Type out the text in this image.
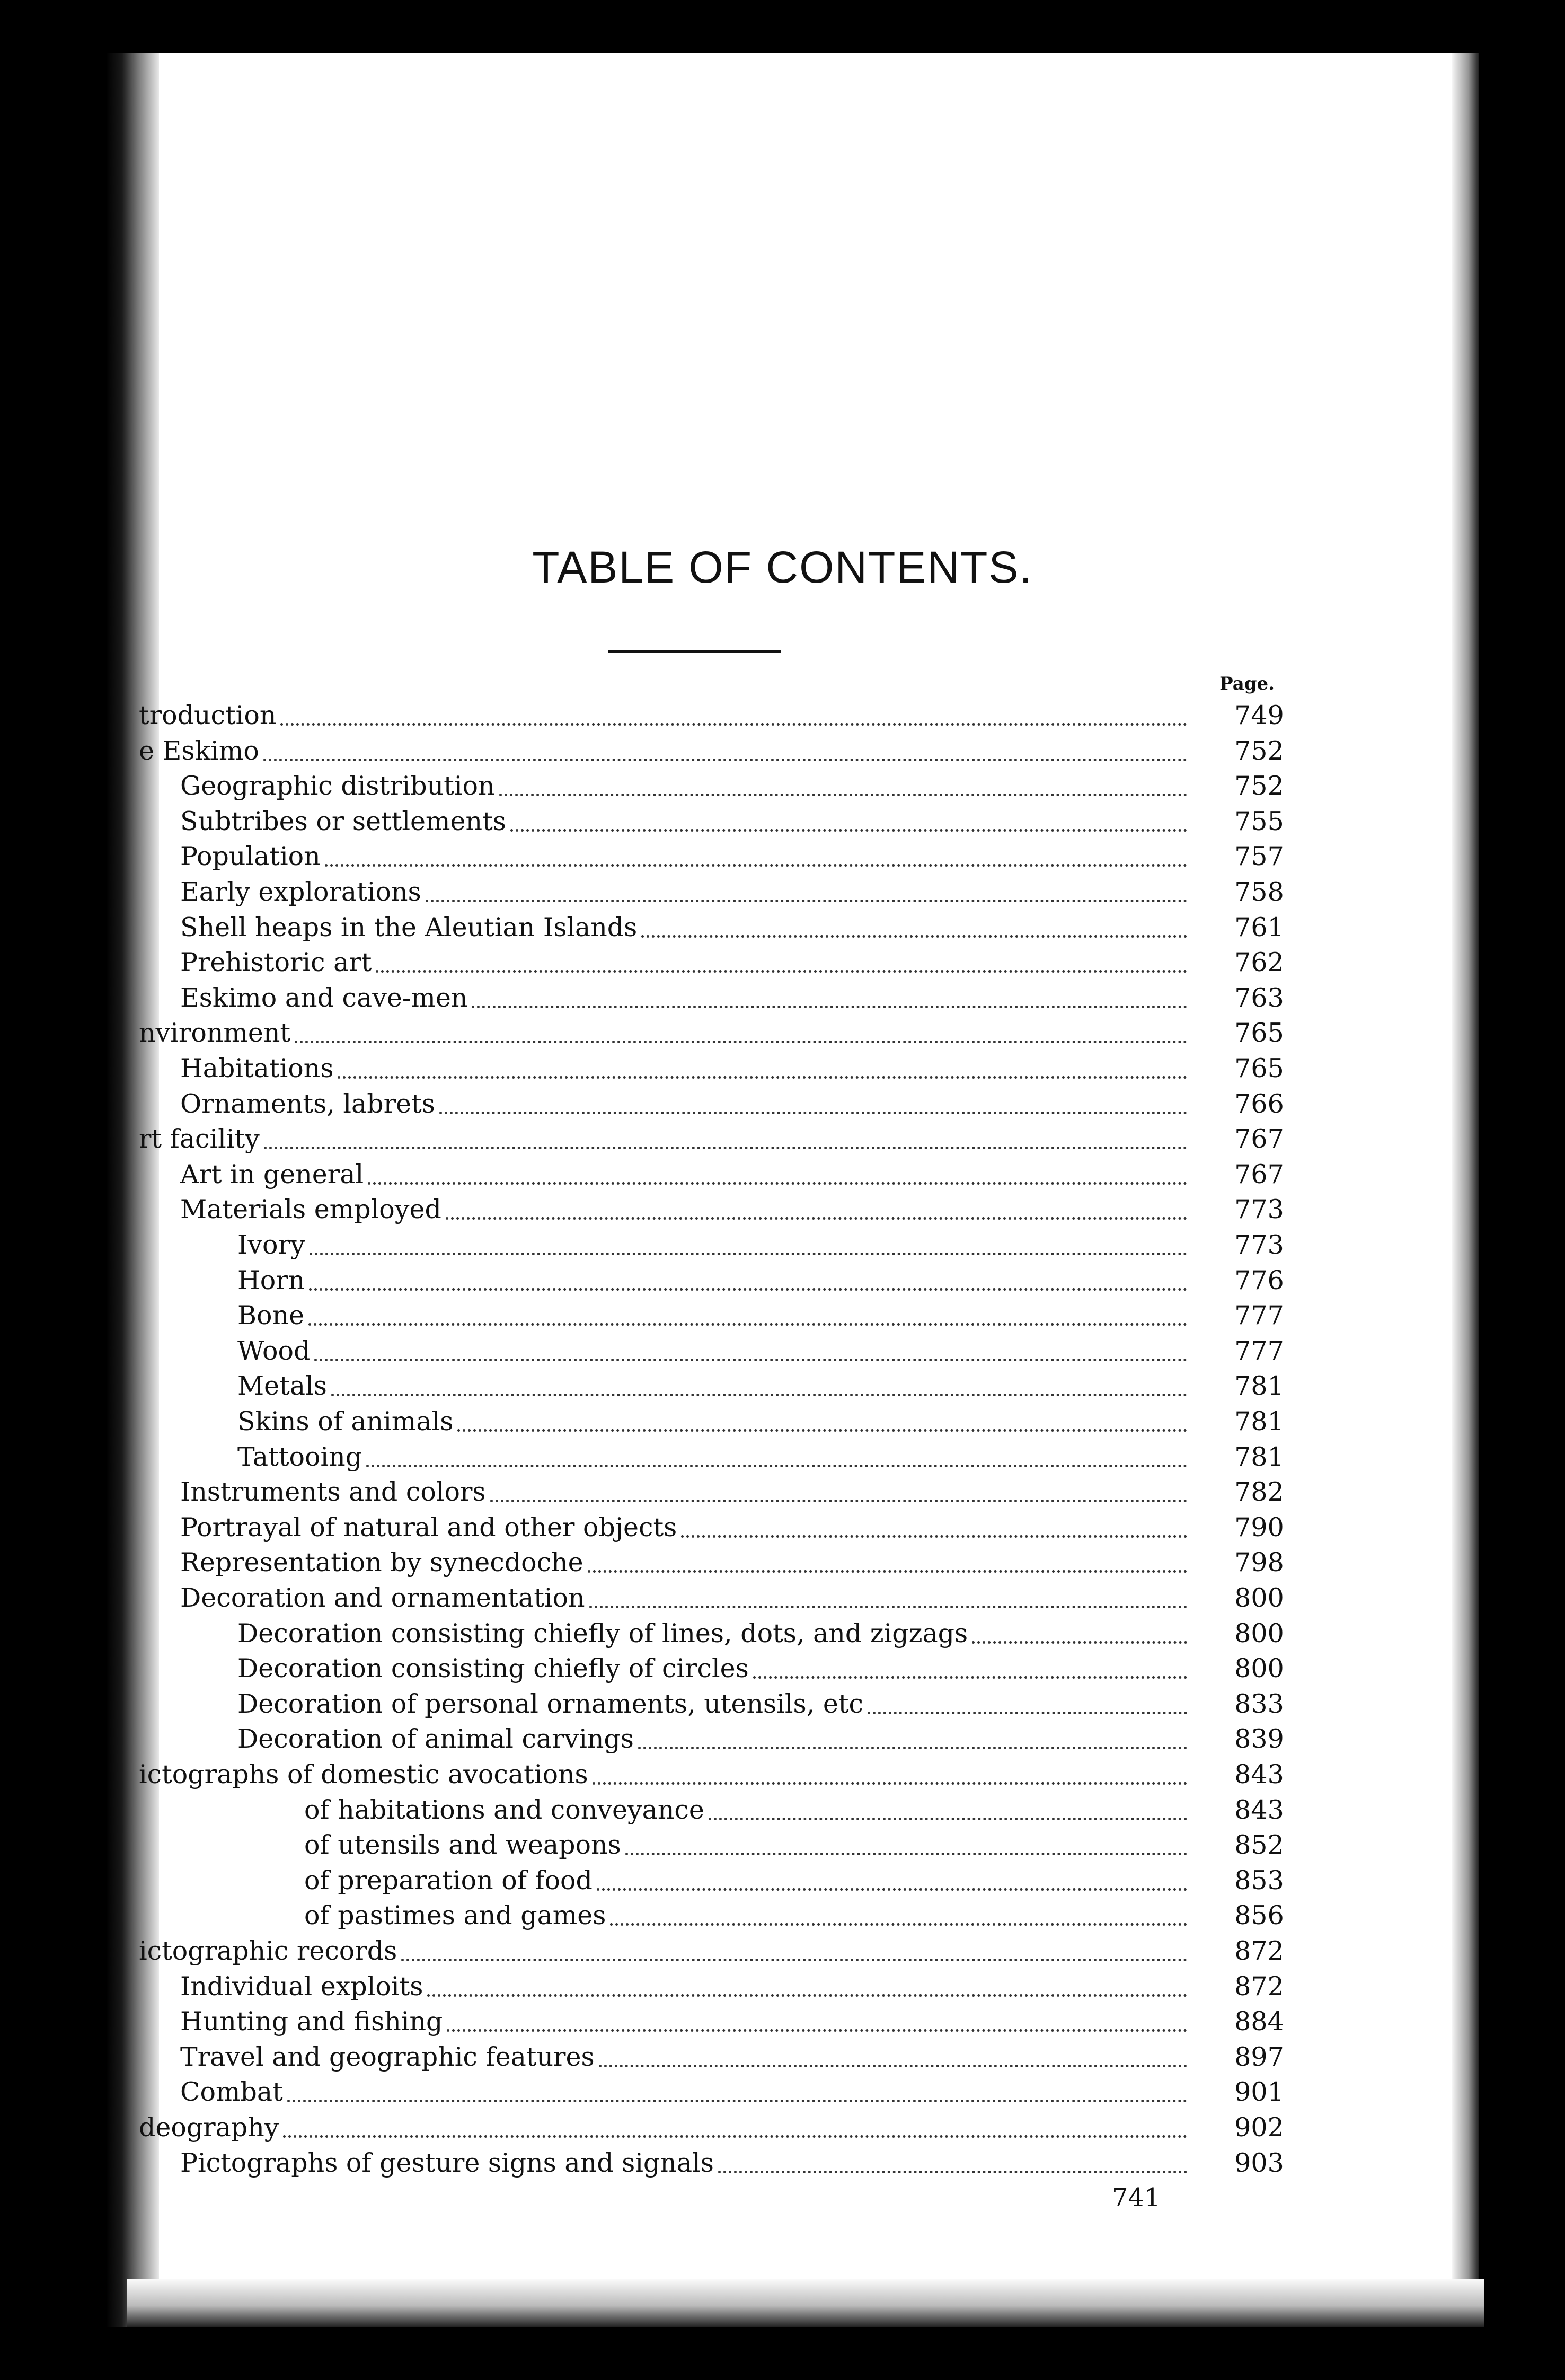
TABLE OF CONTENTS.
Page.
troduction	749
e Eskimo	752
Geographic distribution	752
Subtribes or settlements	755
Population	757
Early explorations	758
Shell heaps in the Aleutian Islands	761
Prehistoric art	762
Eskimo and cave-men	763
nvironment	765
Habitations	765
Ornaments, labrets	766
rt facility	767
Art in general	767
Materials employed	773
Ivory	773
Horn	776
Bone	777
Wood	777
Metals	781
Skins of animals	781
Tattooing	781
Instruments and colors	782
Portrayal of natural and other objects	790
Representation by synecdoche	798
Decoration and ornamentation	800
Decoration consisting chiefly of lines, dots, and zigzags	800
Decoration consisting chiefly of circles	800
Decoration of personal ornaments, utensils, etc	833
Decoration of animal carvings	839
ictographs of domestic avocations	843
of habitations and conveyance	843
of utensils and weapons	852
of preparation of food	853
of pastimes and games	856
ictographic records	872
Individual exploits	872
Hunting and fishing	884
Travel and geographic features	897
Combat	901
deography	902
Pictographs of gesture signs and signals	903
741
